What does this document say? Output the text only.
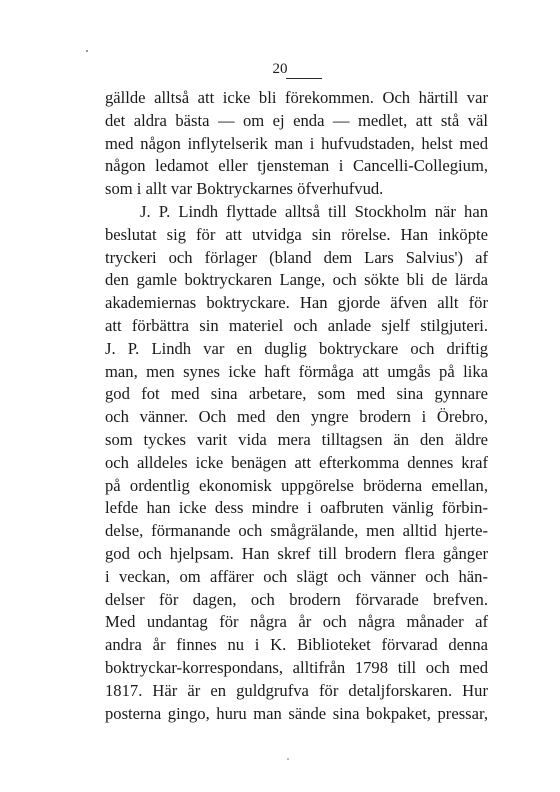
20
gällde alltså att icke bli förekommen. Och härtill var
det aldra bästa — om ej enda — medlet, att stå väl
med någon inflytelserik man i hufvudstaden, helst med
någon ledamot eller tjensteman i Cancelli-Collegium,
som i allt var Boktryckarnes öfverhufvud.
J. P. Lindh flyttade alltså till Stockholm när han
beslutat sig för att utvidga sin rörelse. Han inköpte
tryckeri och förlager (bland dem Lars Salvius') af
den gamle boktryckaren Lange, och sökte bli de lärda
akademiernas boktryckare. Han gjorde äfven allt för
att förbättra sin materiel och anlade sjelf stilgjuteri.
J. P. Lindh var en duglig boktryckare och driftig
man, men synes icke haft förmåga att umgås på lika
god fot med sina arbetare, som med sina gynnare
och vänner. Och med den yngre brodern i Örebro,
som tyckes varit vida mera tilltagsen än den äldre
och alldeles icke benägen att efterkomma dennes kraf
på ordentlig ekonomisk uppgörelse bröderna emellan,
lefde han icke dess mindre i oafbruten vänlig förbin-
delse, förmanande och smågrälande, men alltid hjerte-
god och hjelpsam. Han skref till brodern flera gånger
i veckan, om affärer och slägt och vänner och hän-
delser för dagen, och brodern förvarade brefven.
Med undantag för några år och några månader af
andra år finnes nu i K. Biblioteket förvarad denna
boktryckar-korrespondans, alltifrån 1798 till och med
1817. Här är en guldgrufva för detaljforskaren. Hur
posterna gingo, huru man sände sina bokpaket, pressar,
